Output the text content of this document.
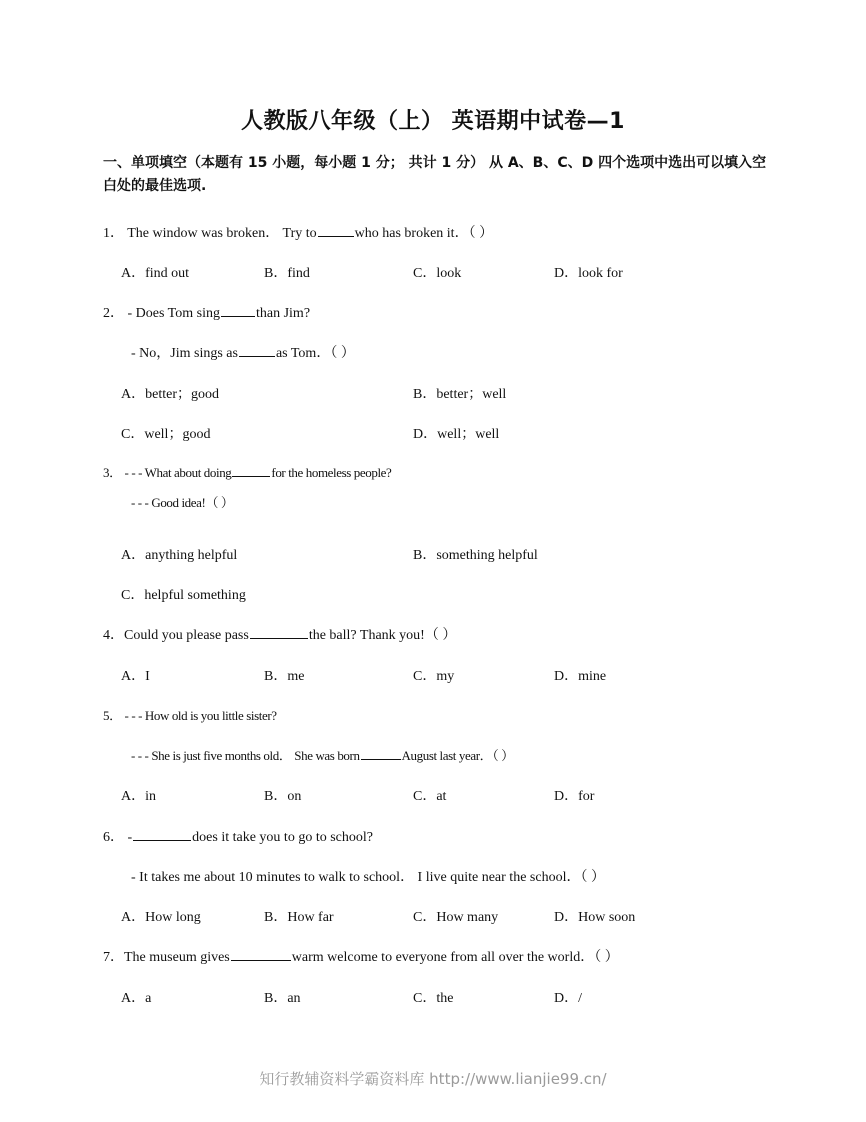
人教版八年级（上） 英语期中试卷—1
一、单项填空（本题有 15 小题，每小题 1 分； 共计 1 分） 从 A、B、C、D 四个选项中选出可以填入空白处的最佳选项.
1． The window was broken． Try to	who has broken it．（ ）
A．find out	B．find	C．look	D．look for
2． - Does Tom sing	than Jim?
- No，Jim sings as	as Tom．（ ）
A．better；good	B．better；well
C．well；good	D．well；well
3． - - - What about doing	for the homeless people?
- - - Good idea!（ ）
A．anything helpful	B．something helpful
C．helpful something
4．Could you please pass	the ball? Thank you!（ ）
A．I	B．me	C．my	D．mine
5． - - - How old is you little sister?
- - - She is just five months old． She was born	August last year．（ ）
A．in	B．on	C．at	D．for
6． -	does it take you to go to school?
- It takes me about 10 minutes to walk to school． I live quite near the school．（ ）
A．How long	B．How far	C．How many	D．How soon
7．The museum gives	warm welcome to everyone from all over the world．（ ）
A．a	B．an	C．the	D．/
知行教辅资料学霸资料库 http://www.lianjie99.cn/
